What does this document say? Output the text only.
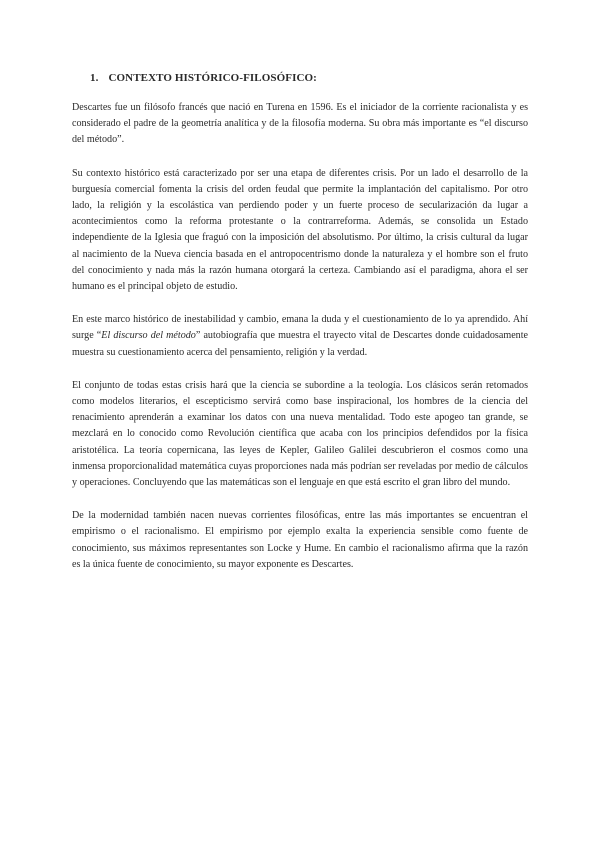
1. CONTEXTO HISTÓRICO-FILOSÓFICO:

Descartes fue un filósofo francés que nació en Turena en 1596. Es el iniciador de la corriente racionalista y es considerado el padre de la geometría analítica y de la filosofía moderna. Su obra más importante es “el discurso del método”.

Su contexto histórico está caracterizado por ser una etapa de diferentes crisis. Por un lado el desarrollo de la burguesía comercial fomenta la crisis del orden feudal que permite la implantación del capitalismo. Por otro lado, la religión y la escolástica van perdiendo poder y un fuerte proceso de secularización da lugar a acontecimientos como la reforma protestante o la contrarreforma. Además, se consolida un Estado independiente de la Iglesia que fraguó con la imposición del absolutismo. Por último, la crisis cultural da lugar al nacimiento de la Nueva ciencia basada en el antropocentrismo donde la naturaleza y el hombre son el fruto del conocimiento y nada más la razón humana otorgará la certeza. Cambiando así el paradigma, ahora el ser humano es el principal objeto de estudio.

En este marco histórico de inestabilidad y cambio, emana la duda y el cuestionamiento de lo ya aprendido. Ahí surge “El discurso del método” autobiografía que muestra el trayecto vital de Descartes donde cuidadosamente muestra su cuestionamiento acerca del pensamiento, religión y la verdad.

El conjunto de todas estas crisis hará que la ciencia se subordine a la teología. Los clásicos serán retomados como modelos literarios, el escepticismo servirá como base inspiracional, los hombres de la ciencia del renacimiento aprenderán a examinar los datos con una nueva mentalidad. Todo este apogeo tan grande, se mezclará en lo conocido como Revolución científica que acaba con los principios defendidos por la física aristotélica. La teoría copernicana, las leyes de Kepler, Galileo Galilei descubrieron el cosmos como una inmensa proporcionalidad matemática cuyas proporciones nada más podrían ser reveladas por medio de cálculos y operaciones. Concluyendo que las matemáticas son el lenguaje en que está escrito el gran libro del mundo.

De la modernidad también nacen nuevas corrientes filosóficas, entre las más importantes se encuentran el empirismo o el racionalismo. El empirismo por ejemplo exalta la experiencia sensible como fuente de conocimiento, sus máximos representantes son Locke y Hume. En cambio el racionalismo afirma que la razón es la única fuente de conocimiento, su mayor exponente es Descartes.
